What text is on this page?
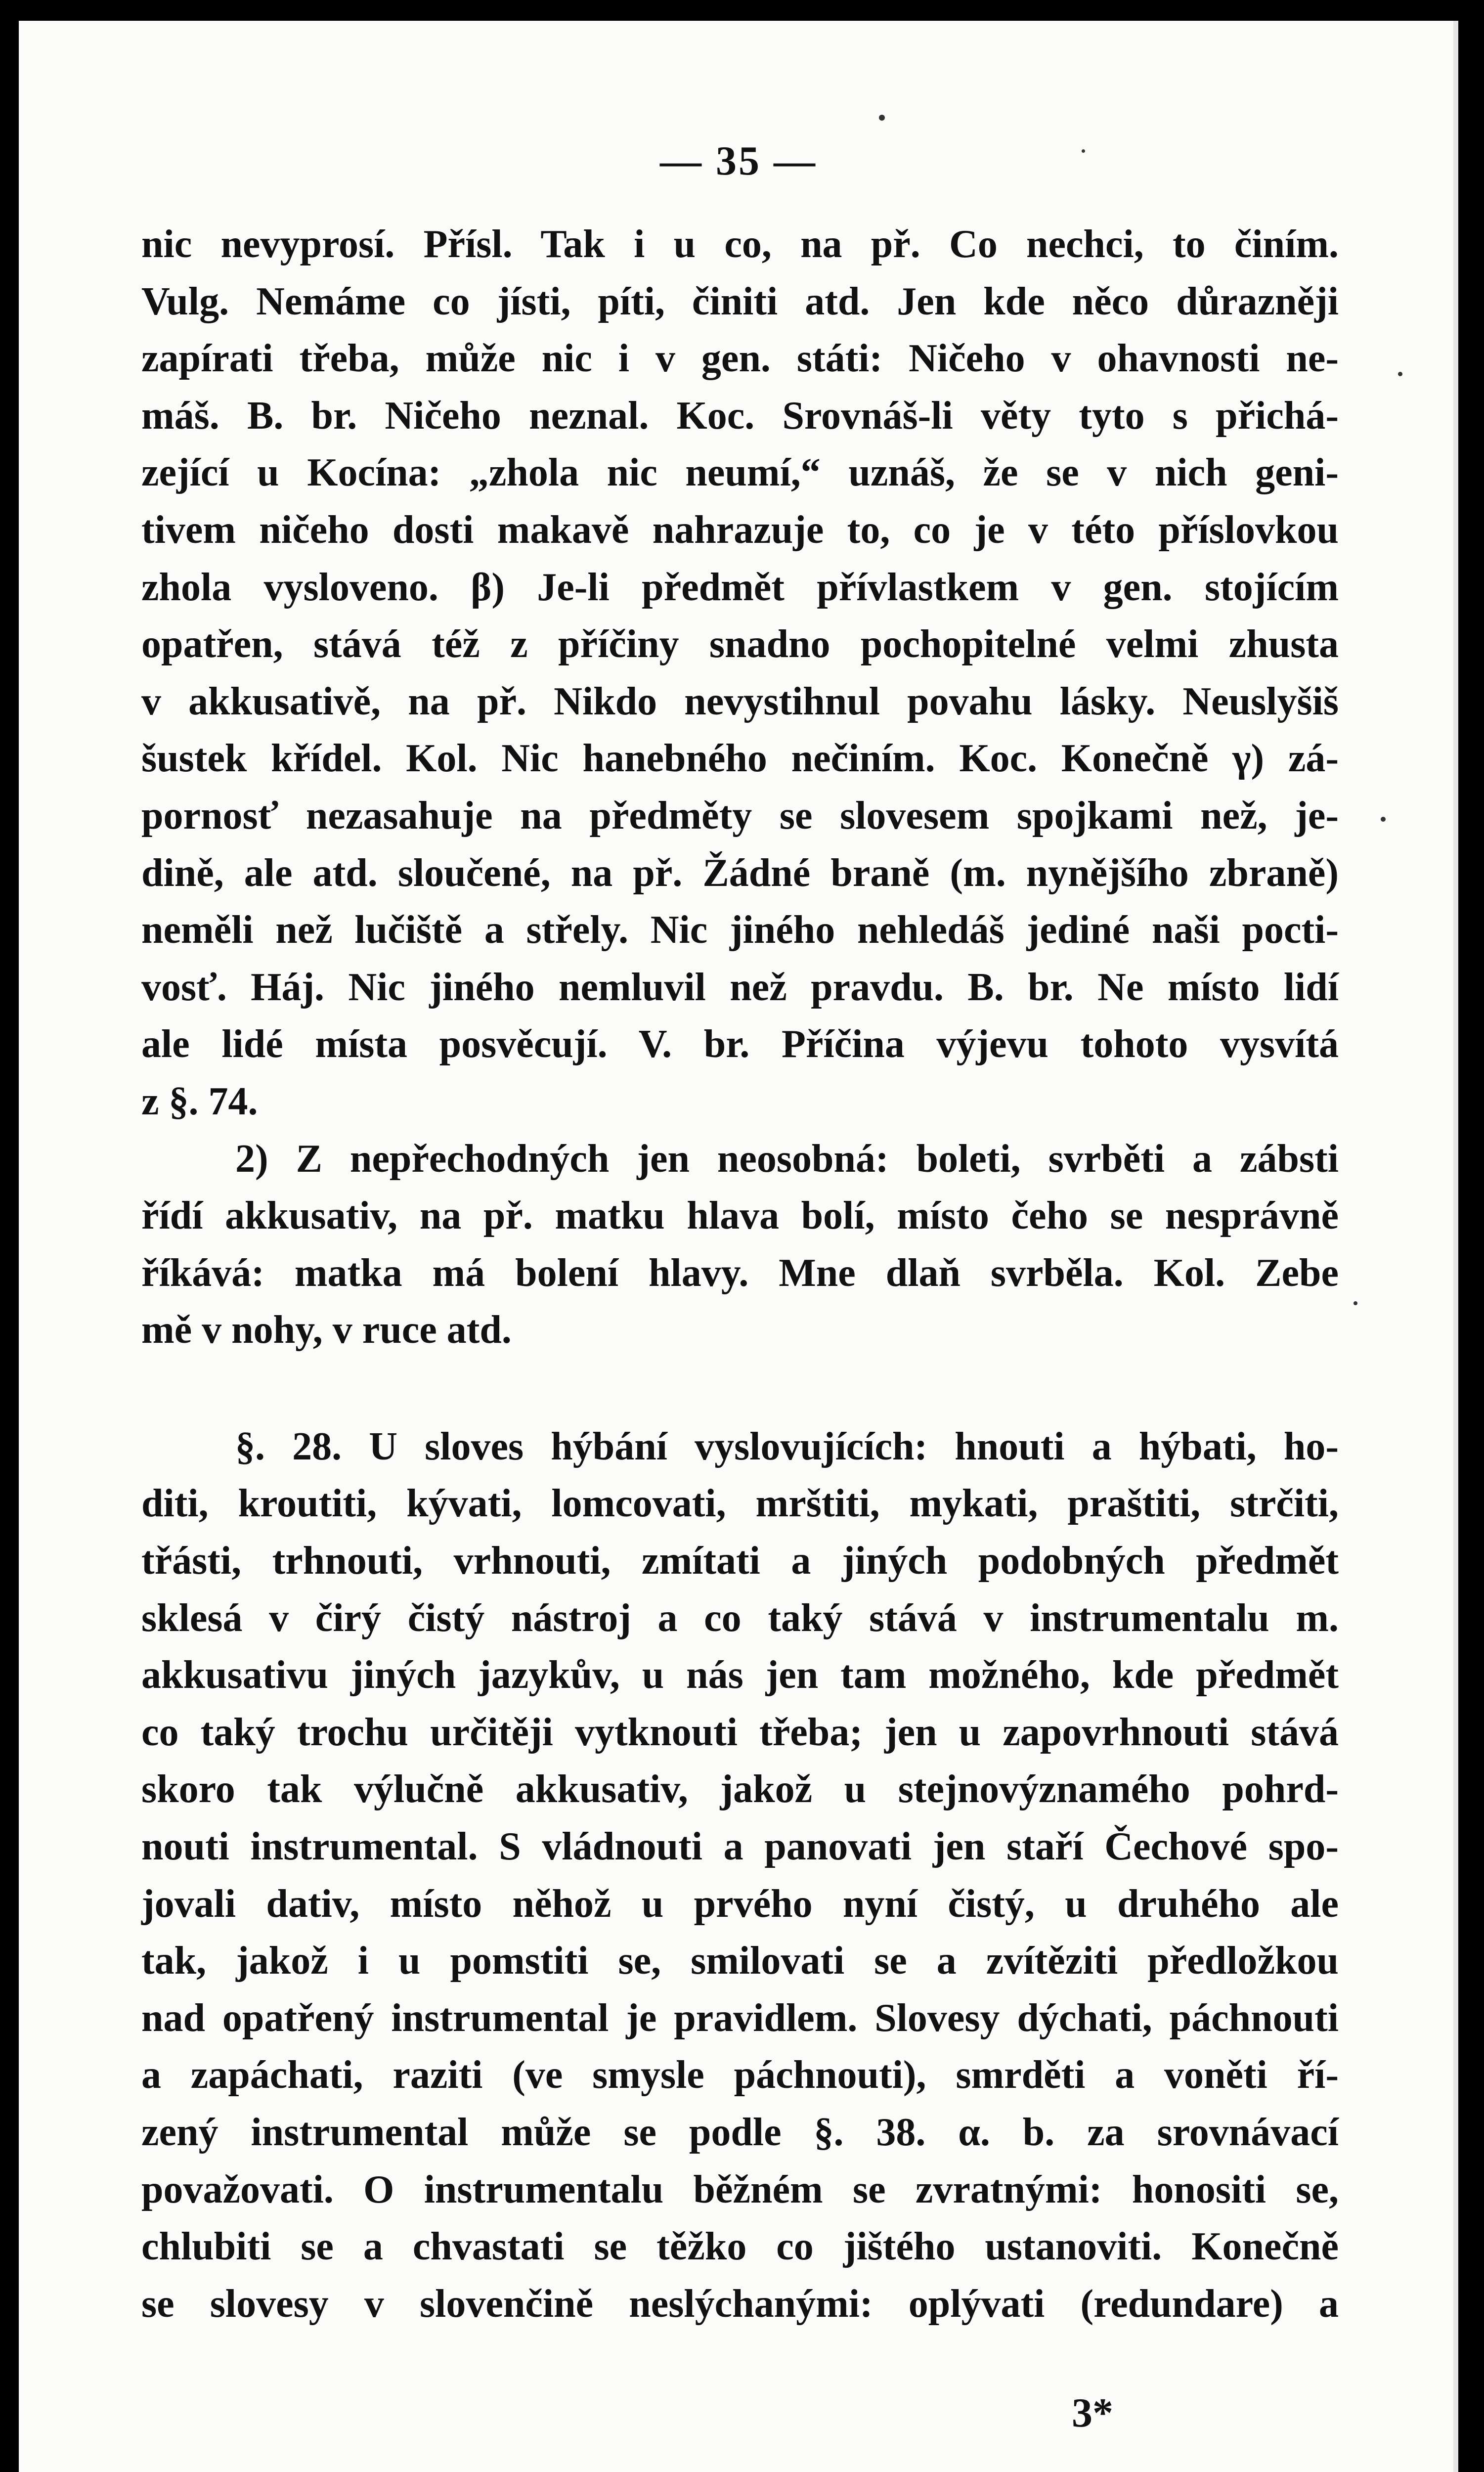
— 35 —
nic nevyprosí. Přísl. Tak i u co, na př. Co nechci, to činím.
Vulg. Nemáme co jísti, píti, činiti atd. Jen kde něco důrazněji
zapírati třeba, může nic i v gen. státi: Ničeho v ohavnosti ne-
máš. B. br. Ničeho neznal. Koc. Srovnáš-li věty tyto s přichá-
zející u Kocína: „zhola nic neumí,“ uznáš, že se v nich geni-
tivem ničeho dosti makavě nahrazuje to, co je v této příslovkou
zhola vysloveno. β) Je-li předmět přívlastkem v gen. stojícím
opatřen, stává též z příčiny snadno pochopitelné velmi zhusta
v akkusativě, na př. Nikdo nevystihnul povahu lásky. Neuslyšiš
šustek křídel. Kol. Nic hanebného nečiním. Koc. Konečně γ) zá-
pornosť nezasahuje na předměty se slovesem spojkami než, je-
dině, ale atd. sloučené, na př. Žádné braně (m. nynějšího zbraně)
neměli než lučiště a střely. Nic jiného nehledáš jediné naši pocti-
vosť. Háj. Nic jiného nemluvil než pravdu. B. br. Ne místo lidí
ale lidé místa posvěcují. V. br. Příčina výjevu tohoto vysvítá
z §. 74.
2) Z nepřechodných jen neosobná: boleti, svrběti a zábsti
řídí akkusativ, na př. matku hlava bolí, místo čeho se nesprávně
říkává: matka má bolení hlavy. Mne dlaň svrběla. Kol. Zebe
mě v nohy, v ruce atd.
§. 28. U sloves hýbání vyslovujících: hnouti a hýbati, ho-
diti, kroutiti, kývati, lomcovati, mrštiti, mykati, praštiti, strčiti,
třásti, trhnouti, vrhnouti, zmítati a jiných podobných předmět
sklesá v čirý čistý nástroj a co taký stává v instrumentalu m.
akkusativu jiných jazykův, u nás jen tam možného, kde předmět
co taký trochu určitěji vytknouti třeba; jen u zapovrhnouti stává
skoro tak výlučně akkusativ, jakož u stejnovýznamého pohrd-
nouti instrumental. S vládnouti a panovati jen staří Čechové spo-
jovali dativ, místo něhož u prvého nyní čistý, u druhého ale
tak, jakož i u pomstiti se, smilovati se a zvítěziti předložkou
nad opatřený instrumental je pravidlem. Slovesy dýchati, páchnouti
a zapáchati, raziti (ve smysle páchnouti), smrděti a voněti ří-
zený instrumental může se podle §. 38. α. b. za srovnávací
považovati. O instrumentalu běžném se zvratnými: honositi se,
chlubiti se a chvastati se těžko co jištého ustanoviti. Konečně
se slovesy v slovenčině neslýchanými: oplývati (redundare) a
3*
